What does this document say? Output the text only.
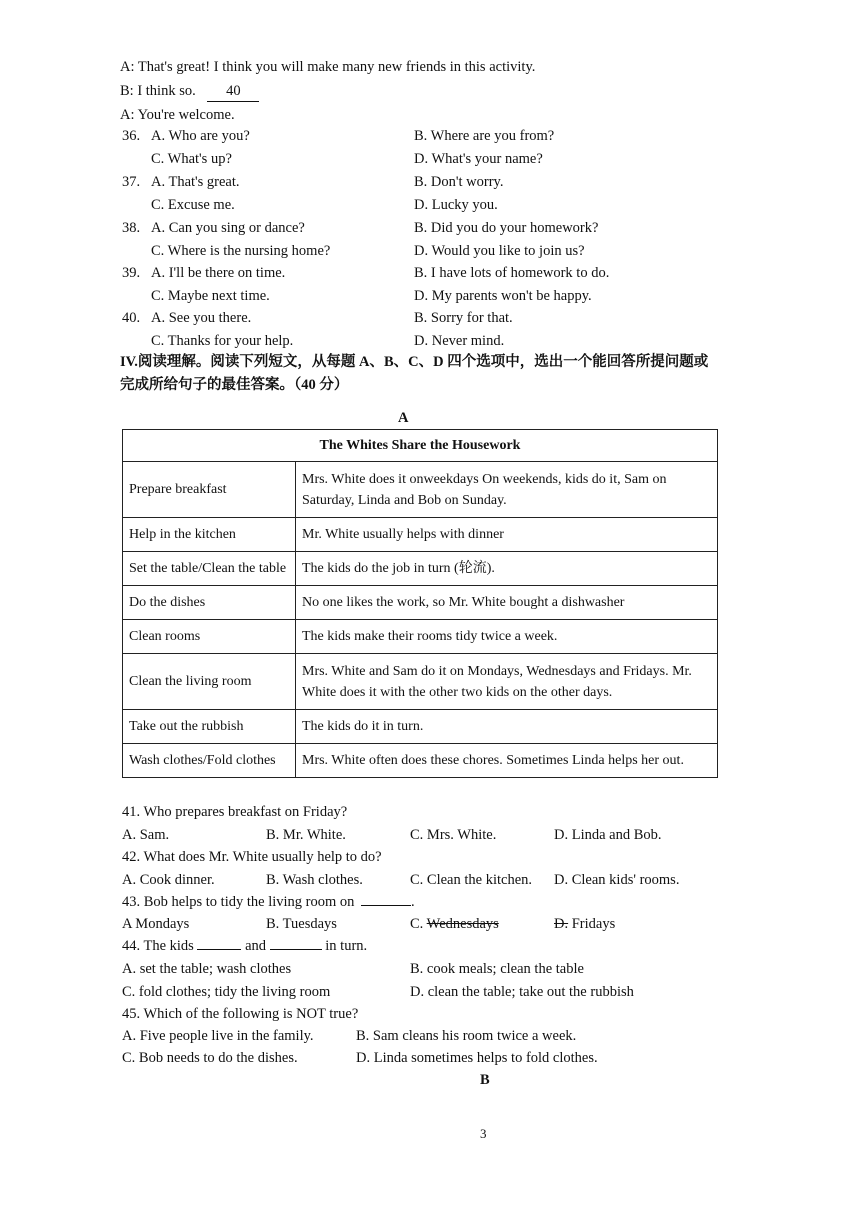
A: That's great! I think you will make many new friends in this activity.
B: I think so. 40
A: You're welcome.
36. A. Who are you?	B. Where are you from?
C. What's up?	D. What's your name?
37. A. That's great.	B. Don't worry.
C. Excuse me.	D. Lucky you.
38. A. Can you sing or dance?	B. Did you do your homework?
C. Where is the nursing home?	D. Would you like to join us?
39. A. I'll be there on time.	B. I have lots of homework to do.
C. Maybe next time.	D. My parents won't be happy.
40. A. See you there.	B. Sorry for that.
C. Thanks for your help.	D. Never mind.
IV.阅读理解。阅读下列短文，从每题 A、B、C、D 四个选项中，选出一个能回答所提问题或
完成所给句子的最佳答案。（40 分）
A
The Whites Share the Housework	
Prepare breakfast	Mrs. White does it onweekdays On weekends, kids do it, Sam on Saturday, Linda and Bob on Sunday.
Help in the kitchen	Mr. White usually helps with dinner
Set the table/Clean the table	The kids do the job in turn (轮流).
Do the dishes	No one likes the work, so Mr. White bought a dishwasher
Clean rooms	The kids make their rooms tidy twice a week.
Clean the living room	Mrs. White and Sam do it on Mondays, Wednesdays and Fridays. Mr. White does it with the other two kids on the other days.
Take out the rubbish	The kids do it in turn.
Wash clothes/Fold clothes	Mrs. White often does these chores. Sometimes Linda helps her out.
41. Who prepares breakfast on Friday?
A. Sam.	B. Mr. White.	C. Mrs. White.	D. Linda and Bob.
42. What does Mr. White usually help to do?
A. Cook dinner.	B. Wash clothes.	C. Clean the kitchen. D. Clean kids' rooms.
43. Bob helps to tidy the living room on	.
A Mondays	B. Tuesdays	C. Wednesdays	D. Fridays
44. The kids	and	in turn.
A. set the table; wash clothes	B. cook meals; clean the table
C. fold clothes; tidy the living room	D. clean the table; take out the rubbish
45. Which of the following is NOT true?
A. Five people live in the family.	B. Sam cleans his room twice a week.
C. Bob needs to do the dishes.	D. Linda sometimes helps to fold clothes.
B
3
